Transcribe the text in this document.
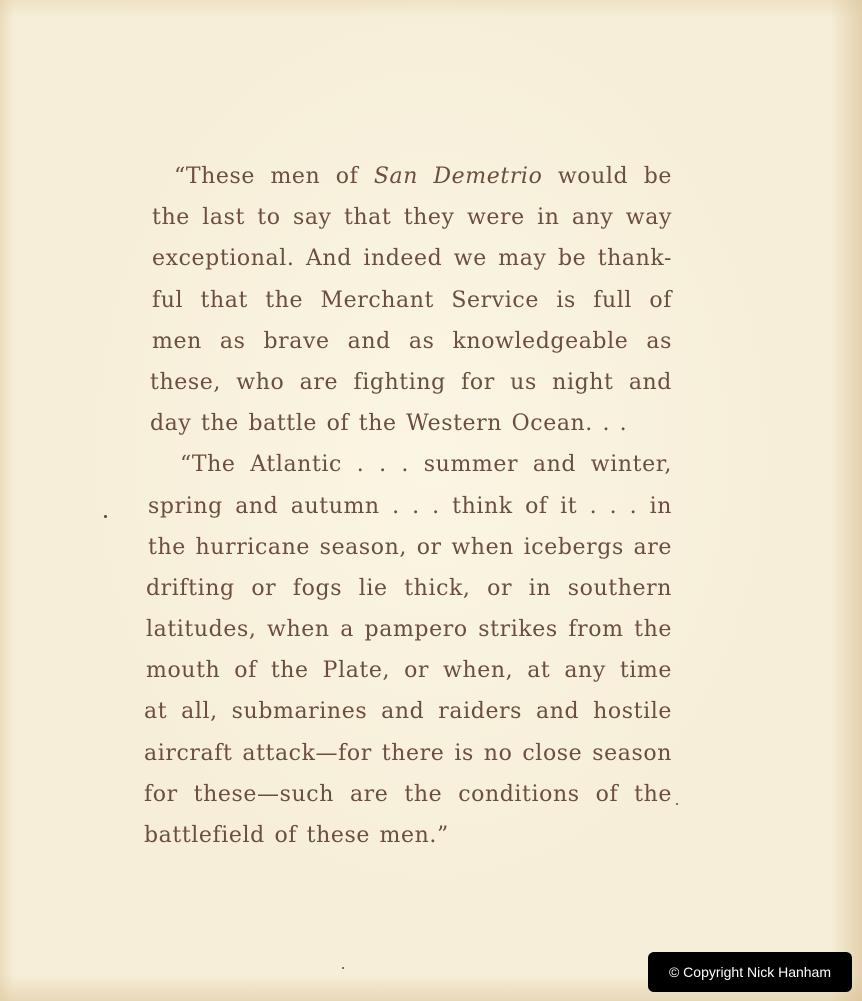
“These men of San Demetrio would be
the last to say that they were in any way
exceptional. And indeed we may be thank-
ful that the Merchant Service is full of
men as brave and as knowledgeable as
these, who are fighting for us night and
day the battle of the Western Ocean. . .
“The Atlantic . . . summer and winter,
spring and autumn . . . think of it . . . in
the hurricane season, or when icebergs are
drifting or fogs lie thick, or in southern
latitudes, when a pampero strikes from the
mouth of the Plate, or when, at any time
at all, submarines and raiders and hostile
aircraft attack—for there is no close season
for these—such are the conditions of the
battlefield of these men.”
© Copyright Nick Hanham
